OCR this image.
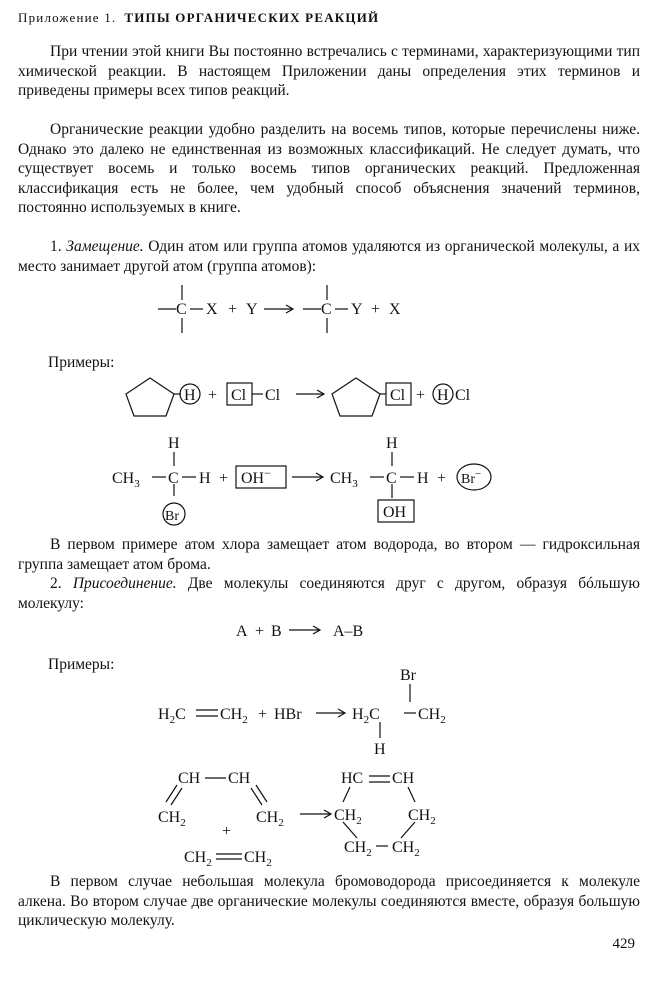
Приложение 1. ТИПЫ ОРГАНИЧЕСКИХ РЕАКЦИЙ

При чтении этой книги Вы постоянно встречались с терминами, характеризующими тип химической реакции. В настоящем Приложении даны определения этих терминов и приведены примеры всех типов реакций.

Органические реакции удобно разделить на восемь типов, которые перечислены ниже. Однако это далеко не единственная из возможных классификаций. Не следует думать, что существует восемь и только восемь типов органических реакций. Предложенная классификация есть не более, чем удобный способ объяснения значений терминов, постоянно используемых в книге.

1. Замещение. Один атом или группа атомов удаляются из органической молекулы, а их место занимает другой атом (группа атомов):

Примеры:

В первом примере атом хлора замещает атом водорода, во втором — гидроксильная группа замещает атом брома.

2. Присоединение. Две молекулы соединяются друг с другом, образуя бóльшую молекулу:

Примеры:

В первом случае небольшая молекула бромоводорода присоединяется к молекуле алкена. Во втором случае две органические молекулы соединяются вместе, образуя большую циклическую молекулу.

429
C X + Y	C Y + X
H + Cl Cl	Cl + H Cl
H
$CH_3$ C H +
Br
OH−
H
$CH_3$ C H +
OH
Br−
A + B	A–B
$H_2C$ $CH_2$ + HBr
Br
$H_2C$ $CH_2$
H
CH CH
$CH_2$	$CH_2$
+
$CH_2$ $CH_2$
HC CH
$CH_2$	$CH_2$
$CH_2$ $CH_2$
